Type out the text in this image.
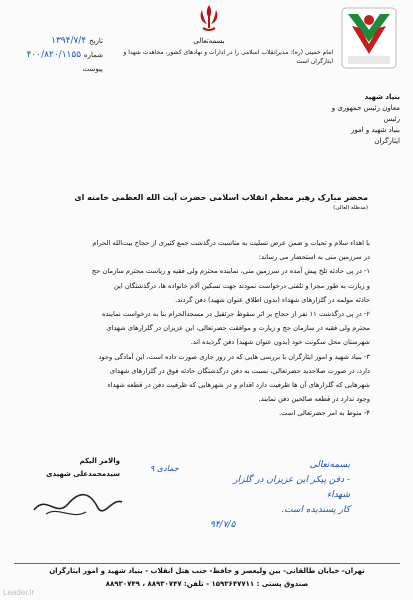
بسمه‌تعالی
بنیاد شهید
معاون رئیس جمهوری و رئیس
بنیاد شهید و امور ایثارگران
امام خمینی (ره): مدیرانقلاب اسلامی را در ادارات و نهادهای کشور، مجاهدت شهدا و ایثارگران است
تاریخ ۱۳۹۴/۷/۴
شماره ۴۰۰/۸۲۰/۱۱۵۵
پیوست
محضر مبارک رهبر معظم انقلاب اسلامی حضرت آیت الله العظمی خامنه ای (مدظله العالی)
با اهداء سلام و تحیات و ضمن عرض تسلیت به مناسبت درگذشت جمع کثیری از حجاج بیت‌الله الحرام
در سرزمین منی به استحضار می رساند:
۱- در پی حادثه تلخ پیش آمده در سرزمین منی، نماینده محترم ولی فقیه و ریاست محترم سازمان حج
و زیارت به طور مجزا و تلفنی درخواست نمودند جهت تسکین آلام خانواده ها، درگذشتگان این
حادثه مولمه در گلزارهای شهداء (بدون اطلاق عنوان شهید) دفن گردند.
۲- در پی درگذشت ۱۱ نفر از حجاج بر اثر سقوط جرثقیل در مسجدالحرام بنا به درخواست نماینده
محترم ولی فقیه در سازمان حج و زیارت و موافقت حضرتعالی، این عزیزان در گلزارهای شهدای
شهرستان محل سکونت خود (بدون عنوان شهید) دفن گردیده اند.
۳- بنیاد شهید و امور ایثارگران با بررسی هایی که در روز جاری صورت داده است، این آمادگی وجود
دارد، در صورت صلاحدید حضرتعالی، نسبت به دفن درگذشتگان حادثه فوق در گلزارهای شهدای
شهرهایی که گلزارهای آن ها ظرفیت دارد اقدام و در شهرهایی که ظرفیت دفن در قطعه شهداء
وجود ندارد در قطعه صالحین دفن نمایند.
۴- منوط به امر حضرتعالی است.
والامر الیکم
سیدمحمدعلی شهیدی
بسمه‌تعالی
- دفن پیکر این عزیزان در گلزار شهداء
کار پسندیده است.
۹۴/۷/۵
۹ جمادی
تهران- خیابان طالقانی- بین ولیعصر و حافظ- جنب هتل انقلاب - بنیاد شهید و امور ایثارگران
صندوق پستی : ۱۵۹۳۶۴۷۷۱۱ - تلفن: ۸۸۹۳۰۷۴۷ ، ۸۸۹۳۰۷۴۹
Leader.ir
